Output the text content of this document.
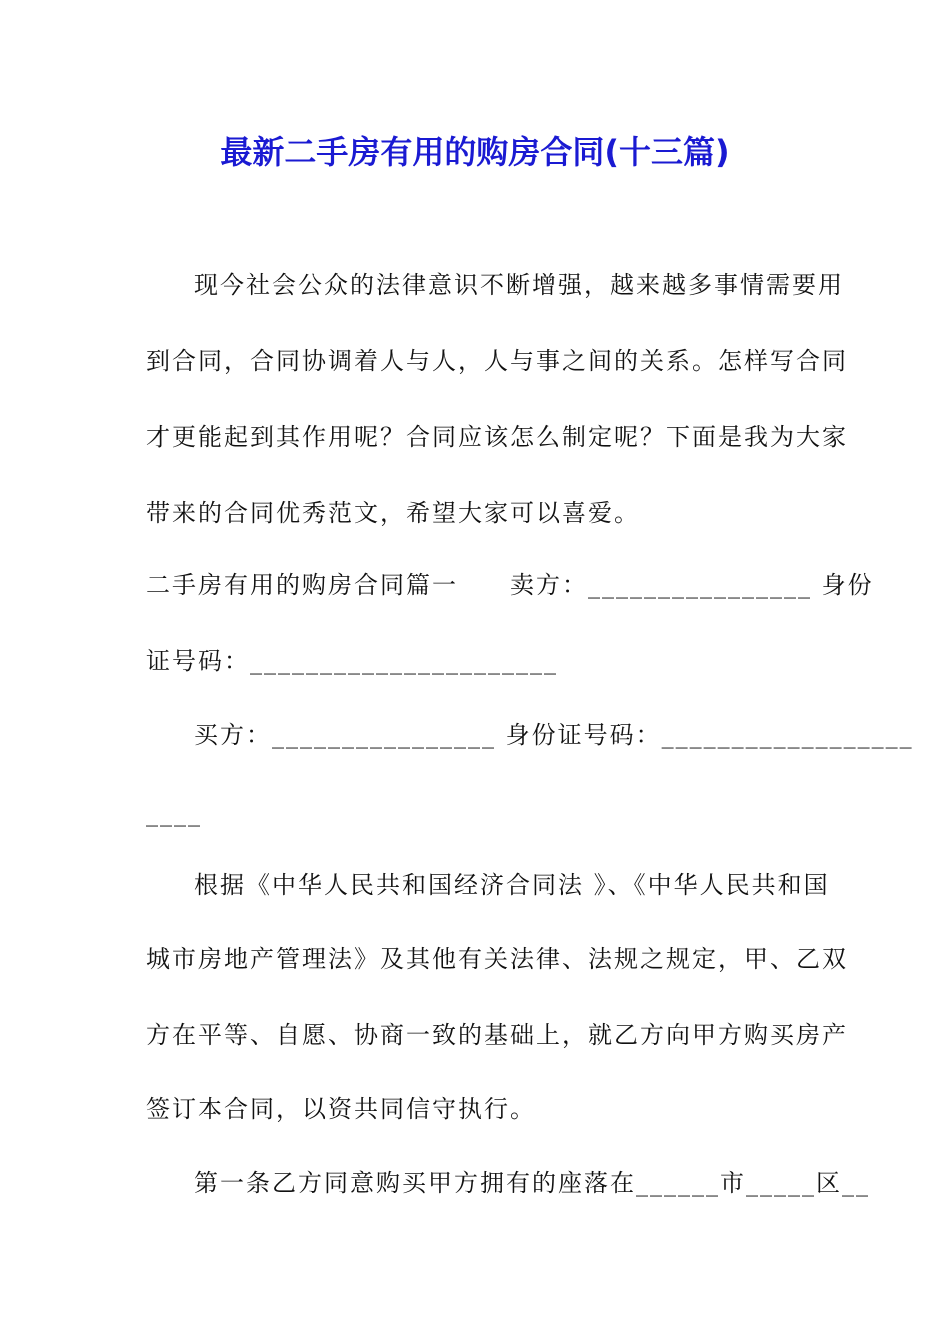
最新二手房有用的购房合同(十三篇)
现今社会公众的法律意识不断增强，越来越多事情需要用
到合同，合同协调着人与人，人与事之间的关系。怎样写合同
才更能起到其作用呢？合同应该怎么制定呢？下面是我为大家
带来的合同优秀范文，希望大家可以喜爱。
二手房有用的购房合同篇一　　卖方：________________ 身份
证号码：______________________
买方：________________ 身份证号码：__________________
____
根据《中华人民共和国经济合同法 》、《中华人民共和国
城市房地产管理法》及其他有关法律、法规之规定，甲、乙双
方在平等、自愿、协商一致的基础上，就乙方向甲方购买房产
签订本合同，以资共同信守执行。
第一条乙方同意购买甲方拥有的座落在______市_____区__
